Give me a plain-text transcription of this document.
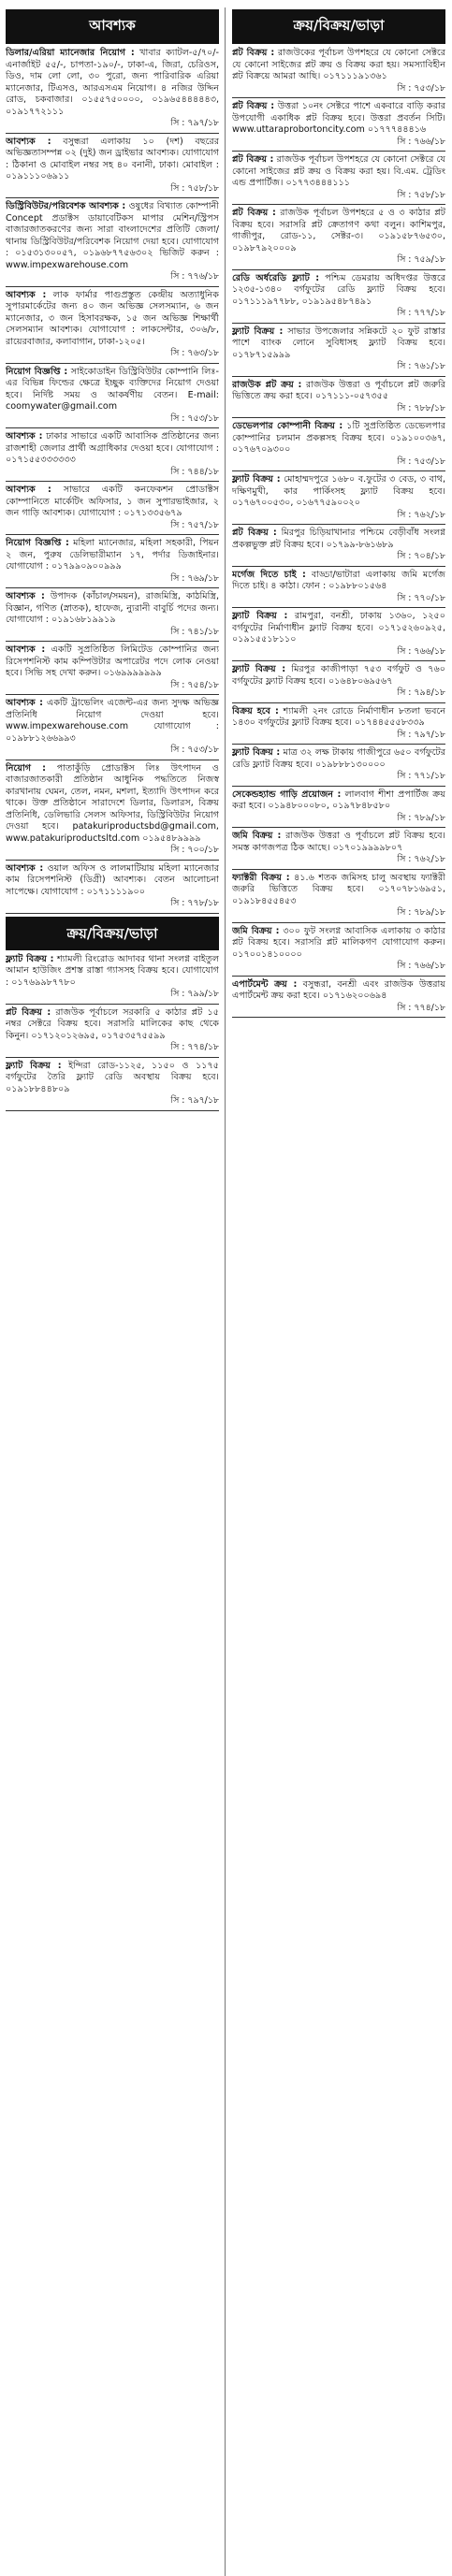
আবশ্যক
ডিলার/এরিয়া ম্যানেজার নিয়োগ : খাবার ক্যাটল-৫/৭০/- এনার্জাইট ৫৫/-, চাপতা-১৯০/-, ঢাকা-এ, জিরা, চেরিওস, ডিও, দাম লো লো, ৩০ পুরো, জন্য পারিবারিক এরিয়া ম্যানেজার, টিএসও, আরএসএম নিয়োগ। ৪ নজির উদ্দিন রোড, চকবাজার। ০১৫৫৭৫০০০০, ০১৯৬৫৪৪৪৪৪৩, ০১৯১৭৭২১১১
সি : ৭৯৭/১৮
আবশ্যক : বসুন্ধরা এলাকায় ১০ (দশ) বছরের অভিজ্ঞতাসম্পন্ন ০২ (দুই) জন ড্রাইভার আবশ্যক। যোগাযোগ : ঠিকানা ও মোবাইল নম্বর সহ ৪০ বনানী, ঢাকা। মোবাইল : ০১৯১১১০৬৯১১
সি : ৭৫৮/১৮
ডিস্ট্রিবিউটর/পরিবেশক আবশ্যক : ওষুধের বিখ্যাত কোম্পানী Concept প্রডাক্টস ডায়াবেটিকস মাপার মেশিন/স্ট্রিপস বাজারজাতকরণের জন্য সারা বাংলাদেশের প্রতিটি জেলা/থানায় ডিস্ট্রিবিউটর/পরিবেশক নিয়োগ দেয়া হবে। যোগাযোগ : ০১৫৩১৩০০৫৭, ০১৯৬৮৭৭৫৬৩০২ ভিজিট করুন : www.impexwarehouse.com
সি : ৭৭৬/১৮
আবশ্যক : লাক ফার্মার পাগুপ্রস্তুত কেন্দ্রীয় অত্যাধুনিক সুপারমার্কেটের জন্য ৪০ জন অভিজ্ঞ সেলসম্যান, ৬ জন ম্যানেজার, ৩ জন হিসাবরক্ষক, ১৫ জন অভিজ্ঞ শিক্ষার্থী সেলসম্যান আবশ্যক। যোগাযোগ : লাকসেন্টার, ৩০৬/৮, রায়েরবাজার, কলাবাগান, ঢাকা-১২০৫।
সি : ৭৬৩/১৮
নিয়োগ বিজ্ঞপ্তি : সাইকোডাইন ডিস্ট্রিবিউটর কোম্পানি লিঃ-এর বিভিন্ন ফিল্ডের ক্ষেত্রে ইচ্ছুক ব্যক্তিদের নিয়োগ দেওয়া হবে। নির্দিষ্ট সময় ও আকর্ষণীয় বেতন। E-mail: coomywater@gmail.com
সি : ৭৫৩/১৮
আবশ্যক : ঢাকার সাভারে একটি আবাসিক প্রতিষ্ঠানের জন্য রাজশাহী জেলার প্রার্থী অগ্রাধিকার দেওয়া হবে। যোগাযোগ : ০১৭১৫৫৩৩৩৩৩৩
সি : ৭৪৪/১৮
আবশ্যক : সাভারে একটি কনফেকশন প্রোডাক্টস কোম্পানিতে মার্কেটিং অফিসার, ১ জন সুপারভাইজার, ২ জন গাড়ি আবশ্যক। যোগাযোগ : ০১৭১৩৩৫৬৭৯
সি : ৭৫৭/১৮
নিয়োগ বিজ্ঞপ্তি : মহিলা ম্যানেজার, মহিলা সহকারী, পিয়ন ২ জন, পুরুষ ডেলিভারীম্যান ১৭, পর্দার ডিজাইনার। যোগাযোগ : ০১৭৯৯০৯০০৯৯৯
সি : ৭৬৯/১৮
আবশ্যক : উপাদক (কাঁচাল/সময়ন), রাজমিস্ত্রি, কাঠমিস্ত্রি, বিজ্ঞান, গণিত (স্নাতক), হাফেজ, ন্যুরানী বাবুর্চি পদের জন্য। যোগাযোগ : ০১৯১৬৮১৯৯১৯
সি : ৭৪১/১৮
আবশ্যক : একটি সুপ্রতিষ্ঠিত লিমিটেড কোম্পানির জন্য রিসেপশনিস্ট কাম কম্পিউটার অপারেটর পদে লোক নেওয়া হবে। সিভি সহ দেখা করুন। ০১৬৯৯৯৯৯৯৯
সি : ৭৫৪/১৮
আবশ্যক : একটি ট্রাভেলিং এজেন্ট-এর জন্য সুদক্ষ অভিজ্ঞ প্রতিনিধি নিয়োগ দেওয়া হবে। www.impexwarehouse.com যোগাযোগ : ০১৯৮৮১২৬৬৯৯৩
সি : ৭৫৩/১৮
নিয়োগ : পাতাকুঁড়ি প্রোডাক্টস লিঃ উৎপাদন ও বাজারজাতকারী প্রতিষ্ঠান আধুনিক পদ্ধতিতে নিজস্ব কারখানায় ঘেমন, তেল, নমন, মশলা, ইত্যাদি উৎপাদন করে থাকে। উক্ত প্রতিষ্ঠানে সারাদেশে ডিলার, ডিলারস, বিক্রয় প্রতিনিধি, ডেলিভারি সেলস অফিসার, ডিস্ট্রিবিউটর নিয়োগ দেওয়া হবে। patakuriproductsbd@gmail.com, www.patakuriproductsltd.com ০১৯৫৪৮৯৯৯৯
সি : ৭০০/১৮
আবশ্যক : ওয়াল অফিস ও লালমাটিয়ায় মহিলা ম্যানেজার কাম রিসেপশনিস্ট (ডিগ্রী) আবশ্যক। বেতন আলোচনা সাপেক্ষে। যোগাযোগ : ০১৭১১১১৯০০
সি : ৭৭৮/১৮
ক্রয়/বিক্রয়/ভাড়া
ফ্ল্যাট বিক্রয় : শ্যামলী রিংরোড আদাবর থানা সংলগ্ন বাইতুল আমান হাউজিং প্রশস্ত রাস্তা গ্যাসসহ বিক্রয় হবে। যোগাযোগ : ০১৭৬৯৯৮৭৭৮০
সি : ৭৯৯/১৮
প্লট বিক্রয় : রাজউক পূর্বাচলে সরকারি ৫ কাঠার প্লট ১৫ নম্বর সেক্টরে বিক্রয় হবে। সরাসরি মালিকের কাছ থেকে কিনুন। ০১৭১২০১২৬৯৫, ০১৭৫৩৫৭৫৫৯৯
সি : ৭৭৪/১৮
ফ্ল্যাট বিক্রয় : ইন্দিরা রোড-১১২৫, ১১৫০ ও ১১৭৫ বর্গফুটের তৈরি ফ্ল্যাট রেডি অবস্থায় বিক্রয় হবে। ০১৯১৮৮৪৪৮০৯
সি : ৭৯৭/১৮
ক্রয়/বিক্রয়/ভাড়া
প্লট বিক্রয় : রাজউকের পূর্বাচল উপশহরে যে কোনো সেক্টরে যে কোনো সাইজের প্লট ক্রয় ও বিক্রয় করা হয়। সমস্যাবিহীন প্লট বিক্রয়ে আমরা আছি। ০১৭১১১৯১৩৬১
সি : ৭৫৩/১৮
প্লট বিক্রয় : উত্তরা ১০নং সেক্টরে পাশে একবারে বাড়ি করার উপযোগী একাধিক প্লট বিক্রয় হবে। উত্তরা প্রবর্তন সিটি। www.uttaraprobortoncity.com ০১৭৭৭৪৪৪১৬
সি : ৭৬৬/১৮
প্লট বিক্রয় : রাজউক পূর্বাচল উপশহরে যে কোনো সেক্টরে যে কোনো সাইজের প্লট ক্রয় ও বিক্রয় করা হয়। বি.এম. ট্রেডিং এন্ড প্রপার্টিজ। ০১৭৭৩৪৪৪১১১
সি : ৭৫৮/১৮
প্লট বিক্রয় : রাজউক পূর্বাচল উপশহরে ৫ ও ৩ কাঠার প্লট বিক্রয় হবে। সরাসরি প্লট ক্রেতাগণ কথা বলুন। কাশিমপুর, গাজীপুর, রোড-১১, সেক্টর-৩। ০১৯১৫৮৭৬৫৩০, ০১৯৮৭৯২০০০৯
সি : ৭৫৯/১৮
রেডি অর্ধরেডি ফ্ল্যাট : পশ্চিম ডেমরায় অধিদপ্তর উত্তরে ১২৩৫-১৩৪০ বর্গফুটের রেডি ফ্ল্যাট বিক্রয় হবে। ০১৭১১১৯৭৭৮৮, ০১৯১৯৫৪৮৭৪৯১
সি : ৭৭৭/১৮
ফ্ল্যাট বিক্রয় : সাভার উপজেলার সন্নিকটে ২০ ফুট রাস্তার পাশে ব্যাংক লোনে সুবিধাসহ ফ্ল্যাট বিক্রয় হবে। ০১৭৮৭১৫৯৯৯
সি : ৭৬১/১৮
রাজউক প্লট ক্রয় : রাজউক উত্তরা ও পূর্বাচলে প্লট জরুরি ভিত্তিতে ক্রয় করা হবে। ০১৭১১১-০৫৭৩৫৫
সি : ৭৮৮/১৮
ডেভেলপার কোম্পানী বিক্রয় : ১টি সুপ্রতিষ্ঠিত ডেভেলপার কোম্পানির চলমান প্রকল্পসহ বিক্রয় হবে। ০১৯১০০৩৬৭, ০১৭৬৭০৯৩০০
সি : ৭৫৩/১৮
ফ্ল্যাট বিক্রয় : মোহাম্মদপুরে ১৬৮০ ব.ফুটের ৩ বেড, ৩ বাথ, দক্ষিণমুখী, কার পার্কিংসহ ফ্ল্যাট বিক্রয় হবে। ০১৭৬৭০০৫৩০, ০১৬৭৭৫৯০০২০
সি : ৭৬২/১৮
প্লট বিক্রয় : মিরপুর চিড়িয়াখানার পশ্চিমে বেড়ীবাঁধ সংলগ্ন প্রকল্পভুক্ত প্লট বিক্রয় হবে। ০১৭৯৯-৮৬১৬৮৯
সি : ৭০৪/১৮
মর্গেজ দিতে চাই : বাড্ডা/ভাটারা এলাকায় জমি মর্গেজ দিতে চাই। ৪ কাঠা। ফোন : ০১৯৮৮০১৫৬৪
সি : ৭৭০/১৮
ফ্ল্যাট বিক্রয় : রামপুরা, বনশ্রী, ঢাকায় ১৩৬০, ১২৫০ বর্গফুটের নির্মাণাধীন ফ্ল্যাট বিক্রয় হবে। ০১৭১৫২৬০৯২৫, ০১৯১৫৫১৮১১০
সি : ৭৬৬/১৮
ফ্ল্যাট বিক্রয় : মিরপুর কাজীপাড়া ৭৫৩ বর্গফুট ও ৭৬০ বর্গফুটের ফ্ল্যাট বিক্রয় হবে। ০১৬৪৮০৬৯৫৬৭
সি : ৭৯৪/১৮
বিক্রয় হবে : শ্যামলী ২নং রোডে নির্মাণাধীন ৮তলা ভবনে ১৪৩০ বর্গফুটের ফ্ল্যাট বিক্রয় হবে। ০১৭৪৪৫৫৫৮৩৩৯
সি : ৭৯৭/১৮
ফ্ল্যাট বিক্রয় : মাত্র ৩২ লক্ষ টাকায় গাজীপুরে ৬৫০ বর্গফুটের রেডি ফ্ল্যাট বিক্রয় হবে। ০১৯৮৮৮১৩০০০০
সি : ৭৭১/১৮
সেকেন্ডহ্যান্ড গাড়ি প্রয়োজন : লালবাগ শীশা প্রপার্টিজ ক্রয় করা হবে। ০১৯৪৮০০০৮০, ০১৯৭৮৪৮৫৮০
সি : ৭৮৯/১৮
জমি বিক্রয় : রাজউক উত্তরা ও পূর্বাচলে প্লট বিক্রয় হবে। সমস্ত কাগজপত্র ঠিক আছে। ০১৭০১৯৯৯৯৮০৭
সি : ৭৬২/১৮
ফ্যাক্টরী বিক্রয় : ৪১.৬ শতক জমিসহ চালু অবস্থায় ফ্যাক্টরী জরুরি ভিত্তিতে বিক্রয় হবে। ০১৭০৭৮১৬৯৫১, ০১৯১৮৪৫৫৪৫৩
সি : ৭৮৯/১৮
জমি বিক্রয় : ৩০০ ফুট সংলগ্ন আবাসিক এলাকায় ৩ কাঠার প্লট বিক্রয় হবে। সরাসরি প্লট মালিকগণ যোগাযোগ করুন। ০১৭০০১৪১০০০০
সি : ৭৬৬/১৮
এপার্টমেন্ট ক্রয় : বসুন্ধরা, বনশ্রী এবং রাজউক উত্তরায় এপার্টমেন্ট ক্রয় করা হবে। ০১৭১৬২০০৬৯৪
সি : ৭৭৪/১৮
